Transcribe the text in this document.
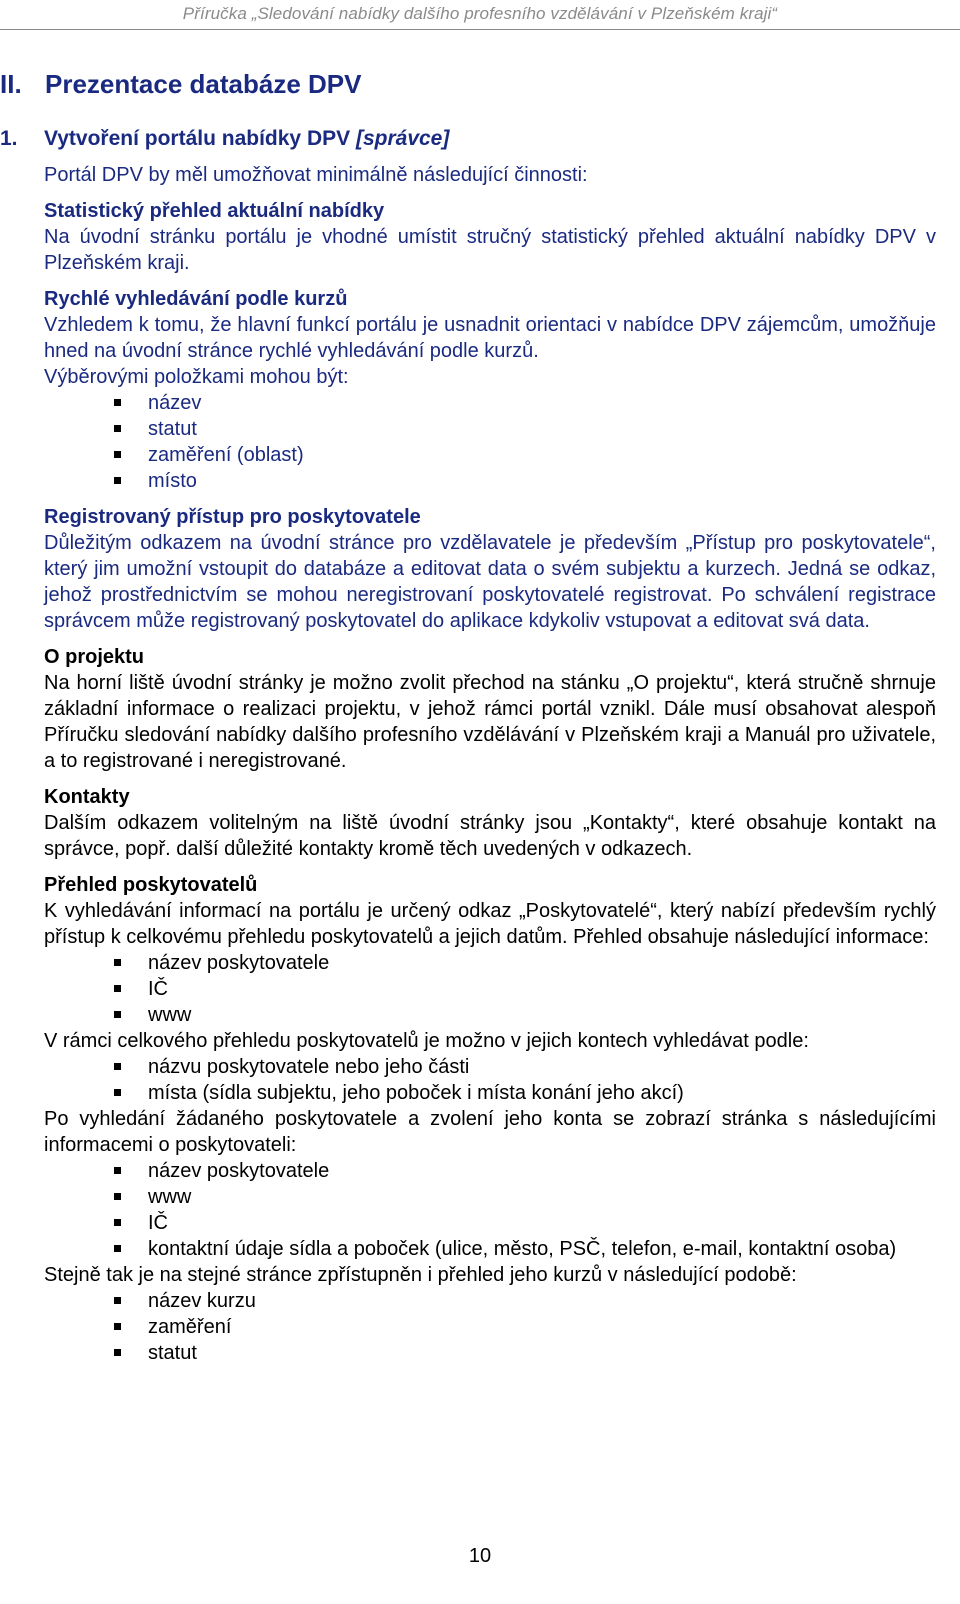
Příručka „Sledování nabídky dalšího profesního vzdělávání v Plzeňském kraji“
II. Prezentace databáze DPV
1. Vytvoření portálu nabídky DPV [správce]
Portál DPV by měl umožňovat minimálně následující činnosti:
Statistický přehled aktuální nabídky
Na úvodní stránku portálu je vhodné umístit stručný statistický přehled aktuální nabídky DPV v Plzeňském kraji.
Rychlé vyhledávání podle kurzů
Vzhledem k tomu, že hlavní funkcí portálu je usnadnit orientaci v nabídce DPV zájemcům, umožňuje hned na úvodní stránce rychlé vyhledávání podle kurzů.
Výběrovými položkami mohou být:
název
statut
zaměření (oblast)
místo
Registrovaný přístup pro poskytovatele
Důležitým odkazem na úvodní stránce pro vzdělavatele je především „Přístup pro poskytovatele“, který jim umožní vstoupit do databáze a editovat data o svém subjektu a kurzech. Jedná se odkaz, jehož prostřednictvím se mohou neregistrovaní poskytovatelé registrovat. Po schválení registrace správcem může registrovaný poskytovatel do aplikace kdykoliv vstupovat a editovat svá data.
O projektu
Na horní liště úvodní stránky je možno zvolit přechod na stánku „O projektu“, která stručně shrnuje základní informace o realizaci projektu, v jehož rámci portál vznikl. Dále musí obsahovat alespoň Příručku sledování nabídky dalšího profesního vzdělávání v Plzeňském kraji a Manuál pro uživatele, a to registrované i neregistrované.
Kontakty
Dalším odkazem volitelným na liště úvodní stránky jsou „Kontakty“, které obsahuje kontakt na správce, popř. další důležité kontakty kromě těch uvedených v odkazech.
Přehled poskytovatelů
K vyhledávání informací na portálu je určený odkaz „Poskytovatelé“, který nabízí především rychlý přístup k celkovému přehledu poskytovatelů a jejich datům. Přehled obsahuje následující informace:
název poskytovatele
IČ
www
V rámci celkového přehledu poskytovatelů je možno v jejich kontech vyhledávat podle:
názvu poskytovatele nebo jeho části
místa (sídla subjektu, jeho poboček i místa konání jeho akcí)
Po vyhledání žádaného poskytovatele a zvolení jeho konta se zobrazí stránka s následujícími informacemi o poskytovateli:
název poskytovatele
www
IČ
kontaktní údaje sídla a poboček (ulice, město, PSČ, telefon, e-mail, kontaktní osoba)
Stejně tak je na stejné stránce zpřístupněn i přehled jeho kurzů v následující podobě:
název kurzu
zaměření
statut
10
